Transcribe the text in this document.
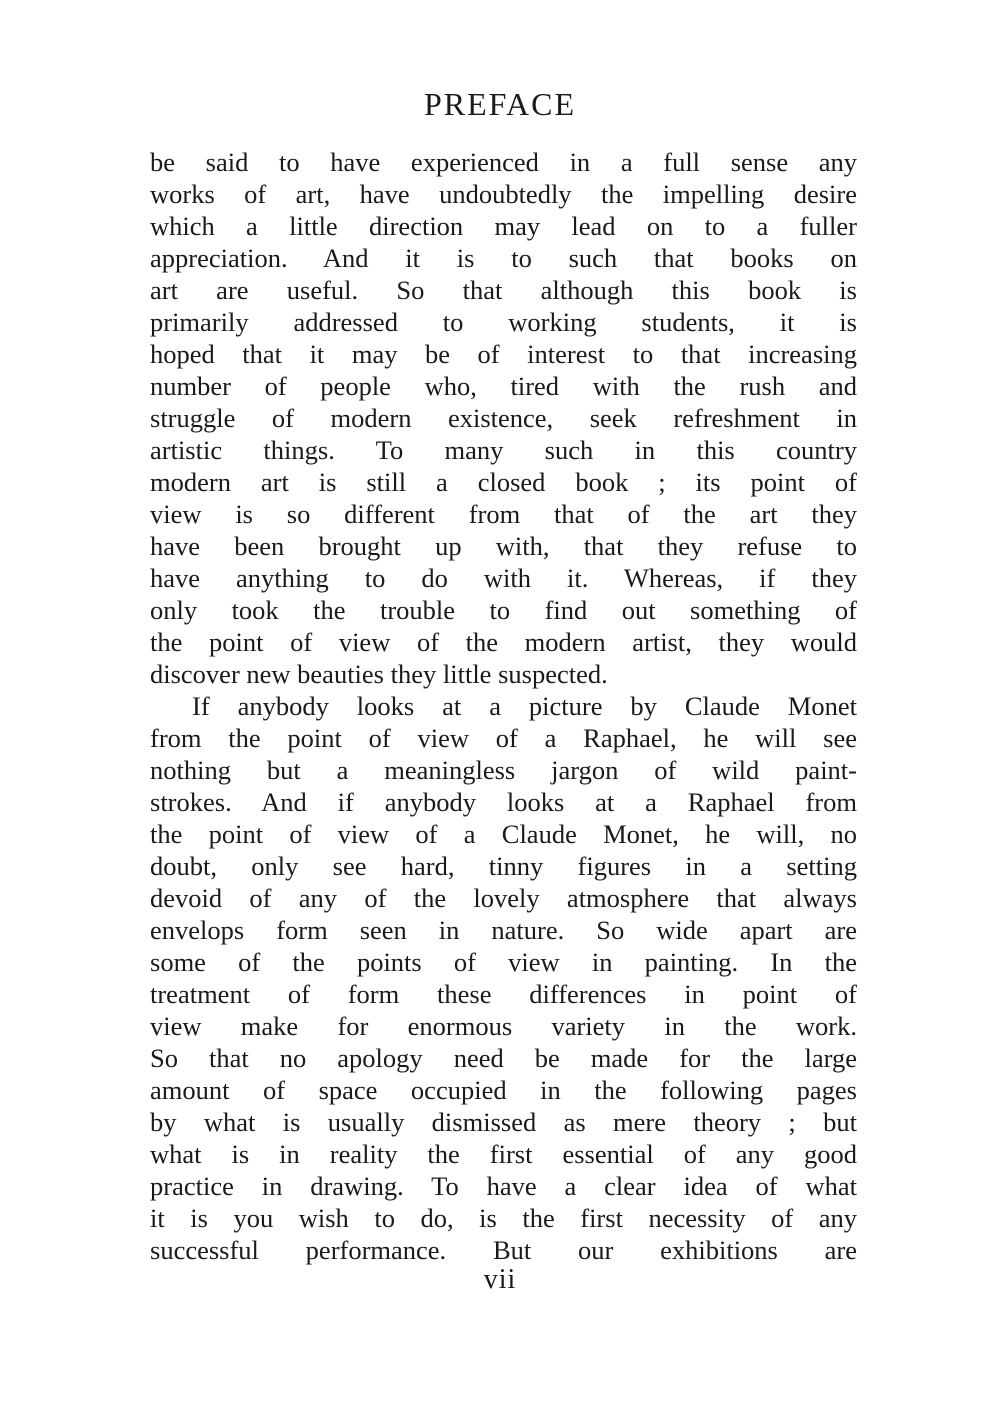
PREFACE
be said to have experienced in a full sense any
works of art, have undoubtedly the impelling desire
which a little direction may lead on to a fuller
appreciation. And it is to such that books on
art are useful. So that although this book is
primarily addressed to working students, it is
hoped that it may be of interest to that increasing
number of people who, tired with the rush and
struggle of modern existence, seek refreshment in
artistic things. To many such in this country
modern art is still a closed book ; its point of
view is so different from that of the art they
have been brought up with, that they refuse to
have anything to do with it. Whereas, if they
only took the trouble to find out something of
the point of view of the modern artist, they would
discover new beauties they little suspected.
If anybody looks at a picture by Claude Monet
from the point of view of a Raphael, he will see
nothing but a meaningless jargon of wild paint-
strokes. And if anybody looks at a Raphael from
the point of view of a Claude Monet, he will, no
doubt, only see hard, tinny figures in a setting
devoid of any of the lovely atmosphere that always
envelops form seen in nature. So wide apart are
some of the points of view in painting. In the
treatment of form these differences in point of
view make for enormous variety in the work.
So that no apology need be made for the large
amount of space occupied in the following pages
by what is usually dismissed as mere theory ; but
what is in reality the first essential of any good
practice in drawing. To have a clear idea of what
it is you wish to do, is the first necessity of any
successful performance. But our exhibitions are
vii
